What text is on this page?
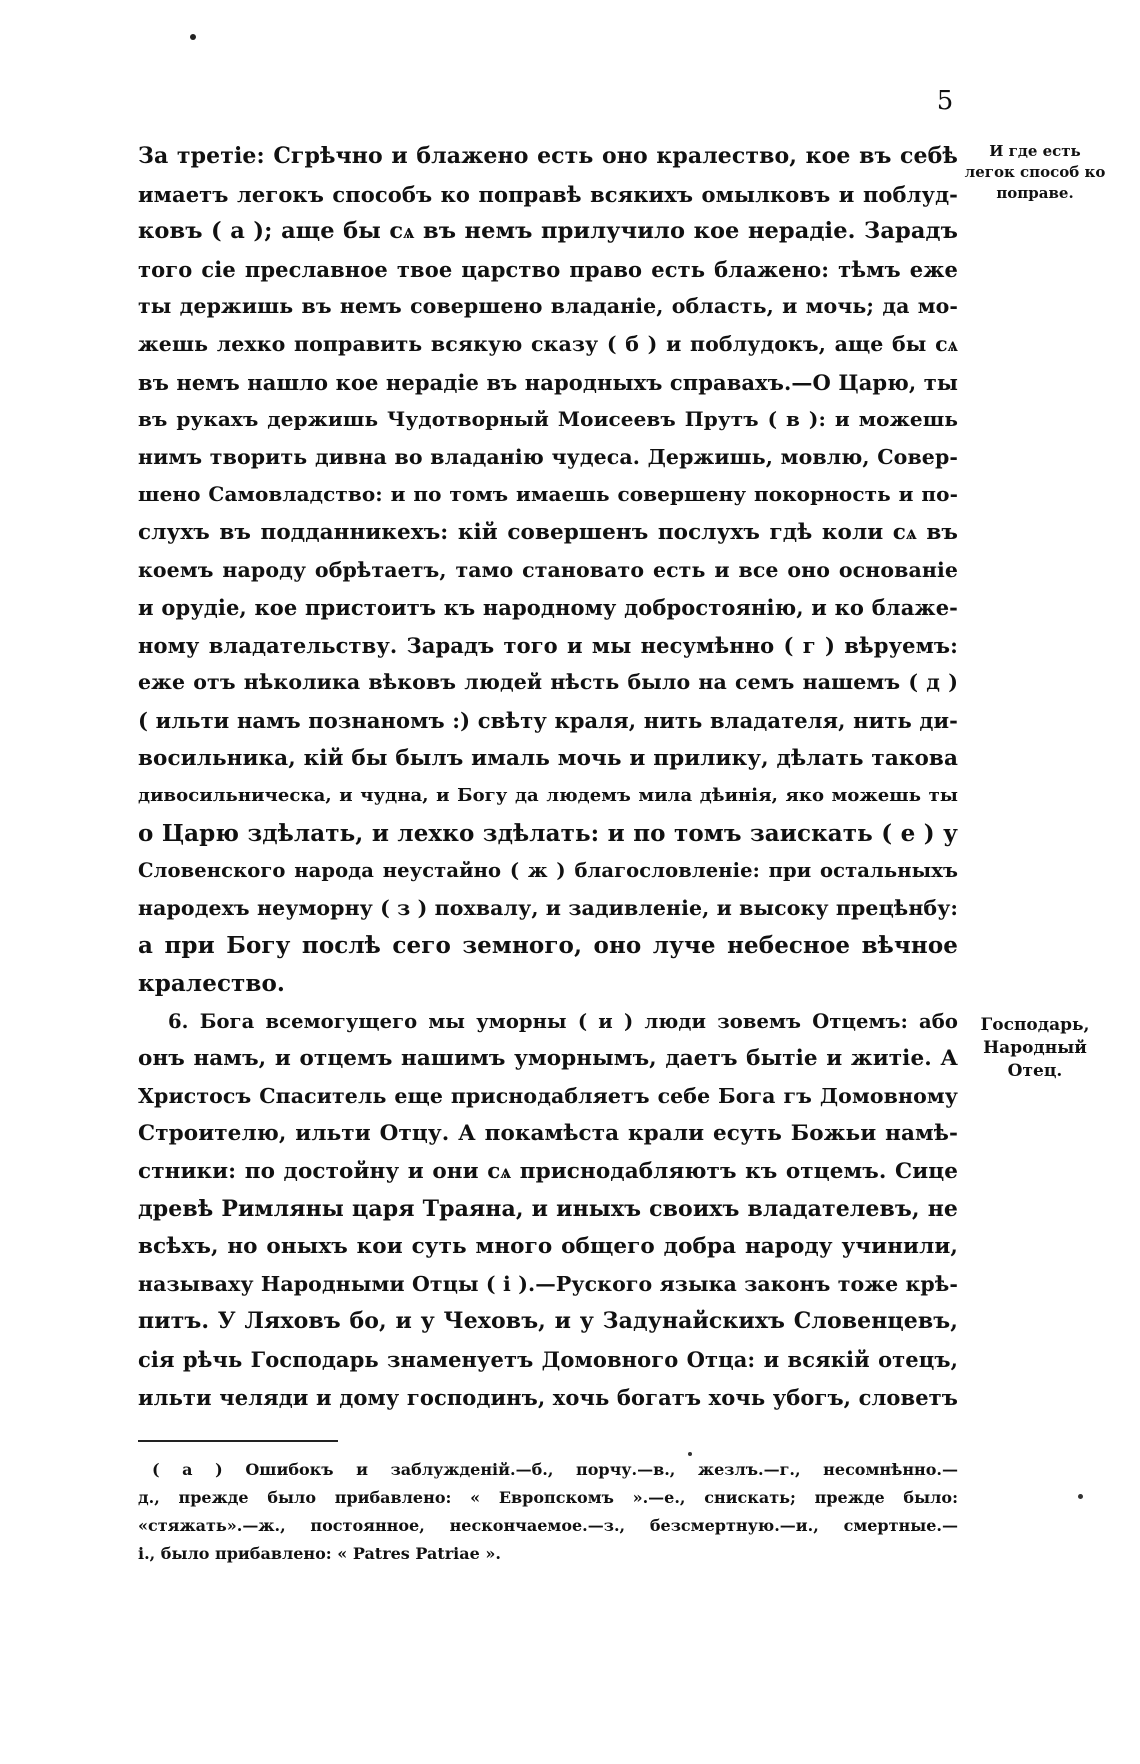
5
И где есть легок способ ко поправе.
Господарь, Народный Отец.
За третіе: Сгрѣчно и блажено есть оно кралество, кое въ себѣ
имаетъ легокъ способъ ко поправѣ всякихъ омылковъ и поблуд-
ковъ ( а ); аще бы сѧ въ немъ прилучило кое нерадіе. Зарадъ
того сіе преславное твое царство право есть блажено: тѣмъ еже
ты держишь въ немъ совершено владаніе, область, и мочь; да мо-
жешь лехко поправить всякую сказу ( б ) и поблудокъ, аще бы сѧ
въ немъ нашло кое нерадіе въ народныхъ справахъ.—О Царю, ты
въ рукахъ держишь Чудотворный Моисеевъ Прутъ ( в ): и можешь
нимъ творить дивна во владанію чудеса. Держишь, мовлю, Совер-
шено Самовладство: и по томъ имаешь совершену покорность и по-
слухъ въ подданникехъ: кій совершенъ послухъ гдѣ коли сѧ въ
коемъ народу обрѣтаетъ, тамо становато есть и все оно основаніе
и орудіе, кое пристоитъ къ народному добростоянію, и ко блаже-
ному владательству. Зарадъ того и мы несумѣнно ( г ) вѣруемъ:
еже отъ нѣколика вѣковъ людей нѣсть было на семъ нашемъ ( д )
( ильти намъ познаномъ :) свѣту краля, нить владателя, нить ди-
восильника, кій бы былъ ималь мочь и прилику, дѣлать такова
дивосильническа, и чудна, и Богу да людемъ мила дѣинія, яко можешь ты
о Царю здѣлать, и лехко здѣлать: и по томъ заискать ( е ) у
Словенского народа неустайно ( ж ) благословленіе: при остальныхъ
народехъ неуморну ( з ) похвалу, и задивленіе, и высоку прецѣнбу:
а при Богу послѣ сего земного, оно луче небесное вѣчное
кралество.
6. Бога всемогущего мы уморны ( и ) люди зовемъ Отцемъ: або
онъ намъ, и отцемъ нашимъ уморнымъ, даетъ бытіе и житіе. А
Христосъ Спаситель еще приснодабляетъ себе Бога гъ Домовному
Строителю, ильти Отцу. А покамѣста крали есуть Божьи намѣ-
стники: по достойну и они сѧ приснодабляютъ къ отцемъ. Сице
древѣ Римляны царя Траяна, и иныхъ своихъ владателевъ, не
всѣхъ, но оныхъ кои суть много общего добра народу учинили,
называху Народными Отцы ( і ).—Руского языка законъ тоже крѣ-
питъ. У Ляховъ бо, и у Чеховъ, и у Задунайскихъ Словенцевъ,
сія рѣчь Господарь знаменуетъ Домовного Отца: и всякій отецъ,
ильти челяди и дому господинъ, хочь богатъ хочь убогъ, словетъ
( а ) Ошибокъ и заблужденій.—б., порчу.—в., жезлъ.—г., несомнѣнно.—
д., прежде было прибавлено: « Европскомъ ».—е., снискать; прежде было:
«стяжать».—ж., постоянное, нескончаемое.—з., безсмертную.—и., смертные.—
і., было прибавлено: « Patres Patriae ».
